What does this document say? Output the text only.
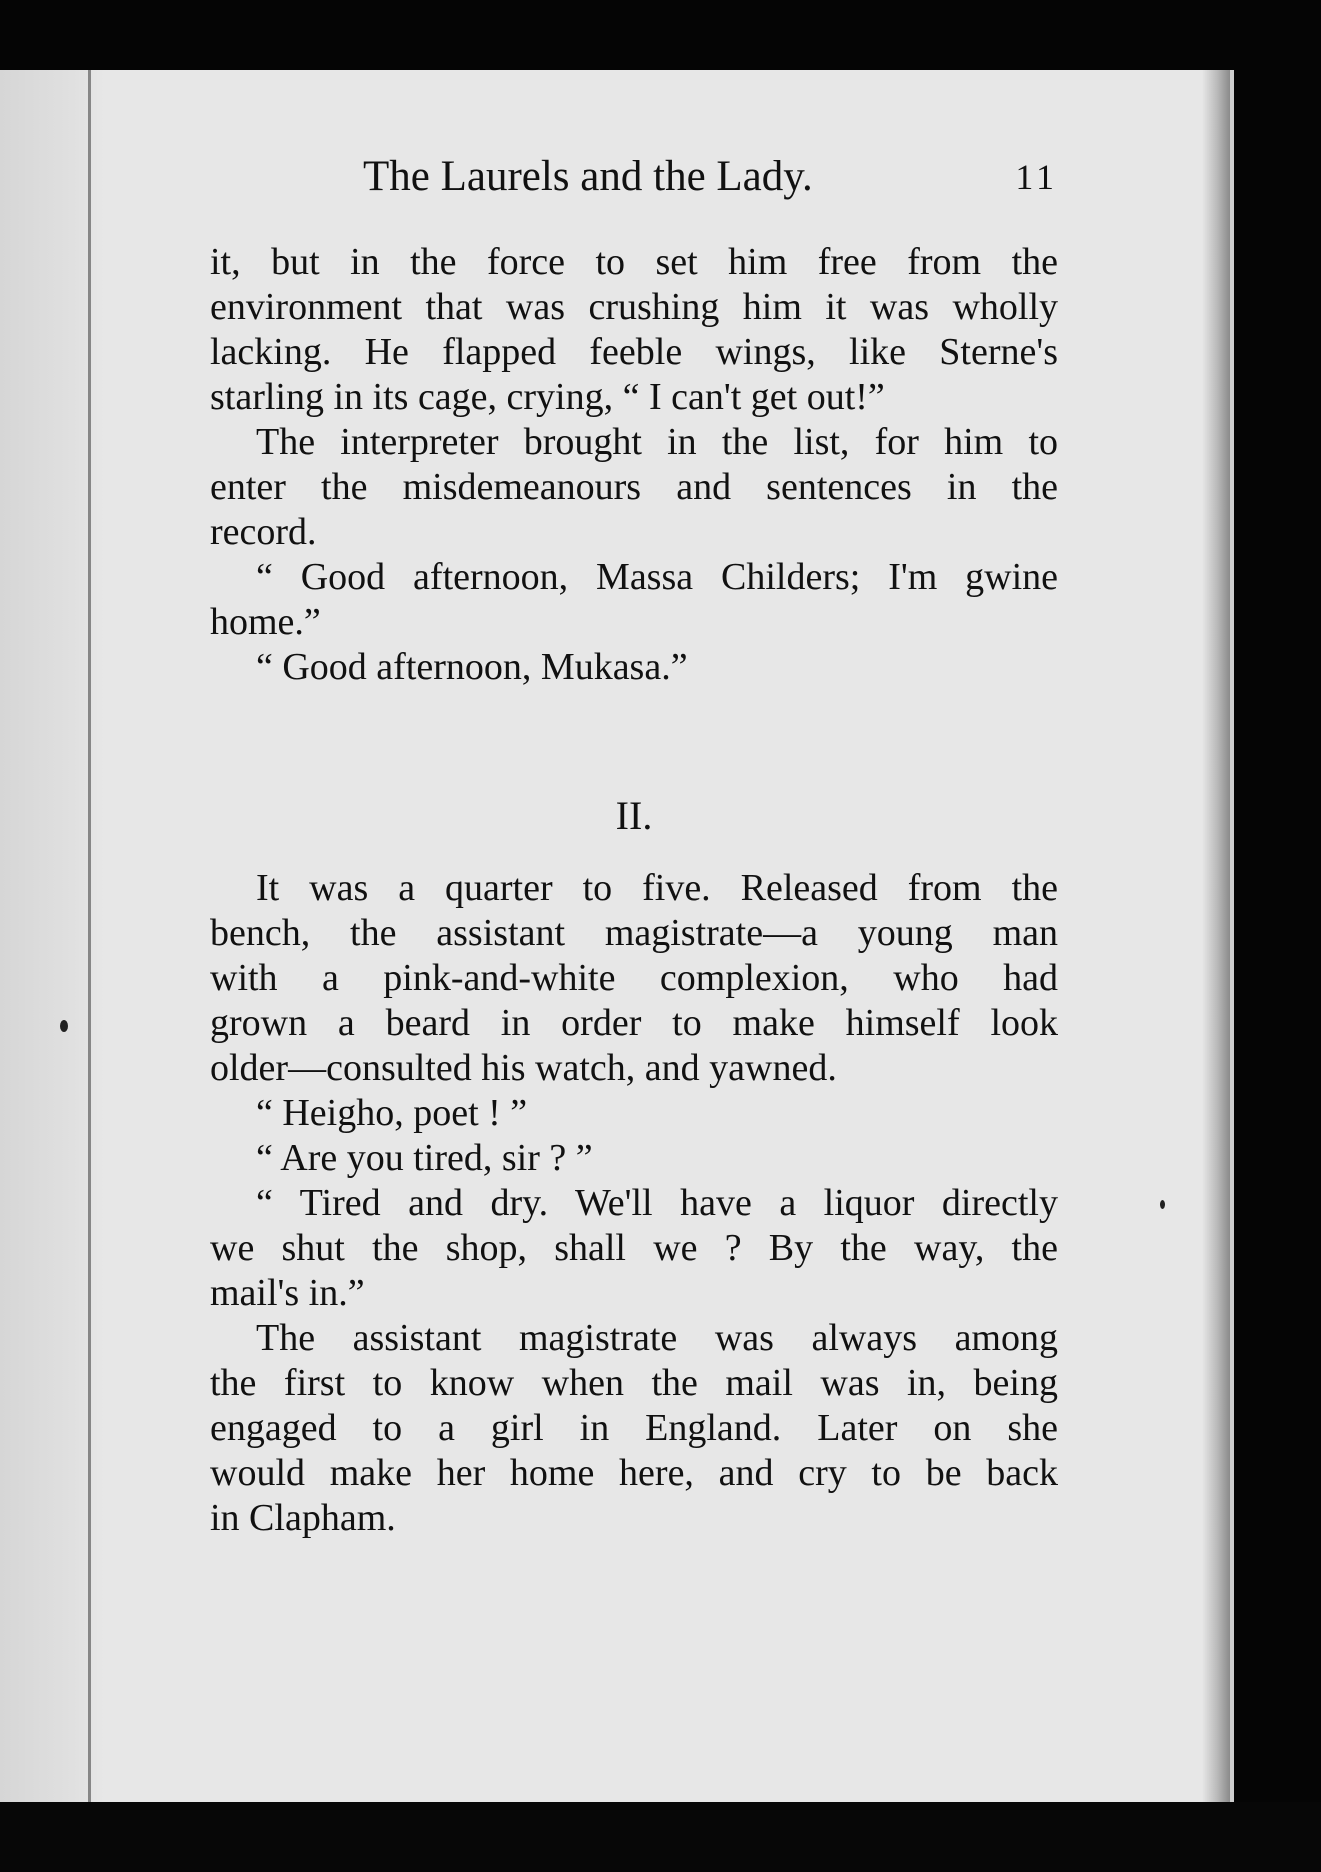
The Laurels and the Lady.	11
it, but in the force to set him free from the
environment that was crushing him it was wholly
lacking. He flapped feeble wings, like Sterne's
starling in its cage, crying, “ I can't get out!”
The interpreter brought in the list, for him to
enter the misdemeanours and sentences in the
record.
“ Good afternoon, Massa Childers; I'm gwine
home.”
“ Good afternoon, Mukasa.”
II.
It was a quarter to five. Released from the
bench, the assistant magistrate—a young man
with a pink-and-white complexion, who had
grown a beard in order to make himself look
older—consulted his watch, and yawned.
“ Heigho, poet ! ”
“ Are you tired, sir ? ”
“ Tired and dry. We'll have a liquor directly
we shut the shop, shall we ? By the way, the
mail's in.”
The assistant magistrate was always among
the first to know when the mail was in, being
engaged to a girl in England. Later on she
would make her home here, and cry to be back
in Clapham.
